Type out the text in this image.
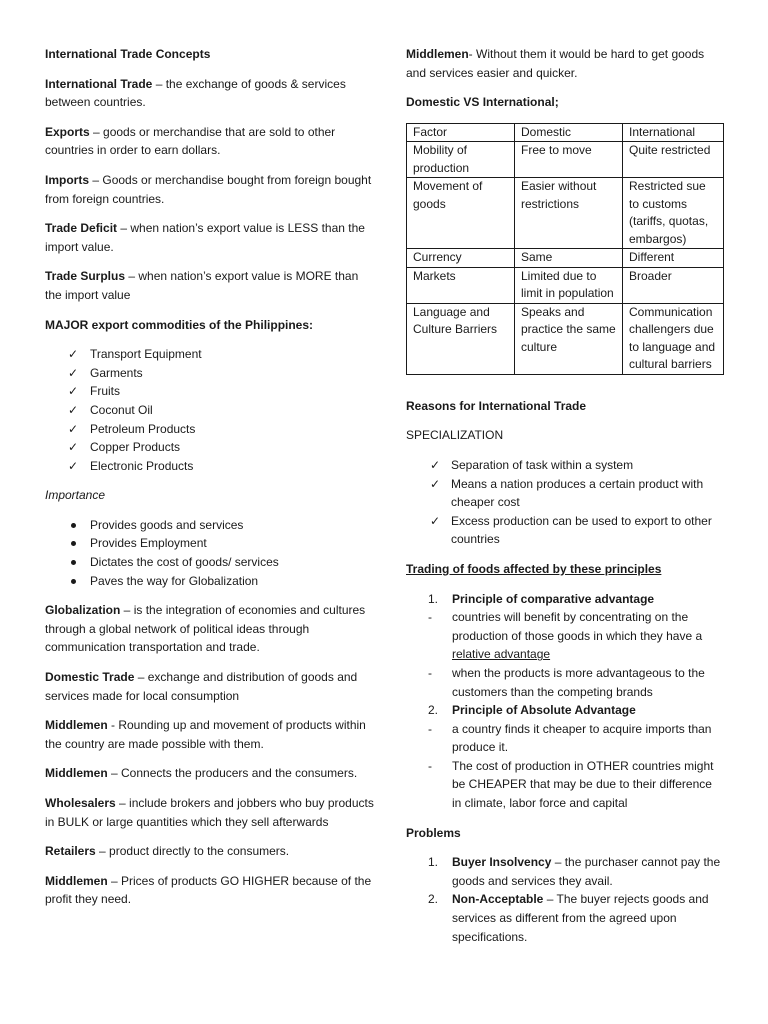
International Trade Concepts

International Trade – the exchange of goods & services between countries.

Exports – goods or merchandise that are sold to other countries in order to earn dollars.

Imports – Goods or merchandise bought from foreign bought from foreign countries.

Trade Deficit – when nation’s export value is LESS than the import value.

Trade Surplus – when nation’s export value is MORE than the import value

MAJOR export commodities of the Philippines:

✓ Transport Equipment
✓ Garments
✓ Fruits
✓ Coconut Oil
✓ Petroleum Products
✓ Copper Products
✓ Electronic Products

Importance

Provides goods and services
Provides Employment
Dictates the cost of goods/ services
Paves the way for Globalization

Globalization – is the integration of economies and cultures through a global network of political ideas through communication transportation and trade.

Domestic Trade – exchange and distribution of goods and services made for local consumption

Middlemen - Rounding up and movement of products within the country are made possible with them.

Middlemen – Connects the producers and the consumers.

Wholesalers – include brokers and jobbers who buy products in BULK or large quantities which they sell afterwards

Retailers – product directly to the consumers.

Middlemen – Prices of products GO HIGHER because of the profit they need.

Middlemen- Without them it would be hard to get goods and services easier and quicker.

Domestic VS International;

Factor	Domestic	International
Mobility of production	Free to move	Quite restricted
Movement of goods	Easier without restrictions	Restricted sue to customs (tariffs, quotas, embargos)
Currency	Same	Different
Markets	Limited due to limit in population	Broader
Language and Culture Barriers	Speaks and practice the same culture	Communication challengers due to language and cultural barriers

Reasons for International Trade

SPECIALIZATION

✓ Separation of task within a system
✓ Means a nation produces a certain product with cheaper cost
✓ Excess production can be used to export to other countries

Trading of foods affected by these principles

1. Principle of comparative advantage
- countries will benefit by concentrating on the production of those goods in which they have a relative advantage
- when the products is more advantageous to the customers than the competing brands
2. Principle of Absolute Advantage
- a country finds it cheaper to acquire imports than produce it.
- The cost of production in OTHER countries might be CHEAPER that may be due to their difference in climate, labor force and capital

Problems

1. Buyer Insolvency – the purchaser cannot pay the goods and services they avail.
2. Non-Acceptable – The buyer rejects goods and services as different from the agreed upon specifications.
